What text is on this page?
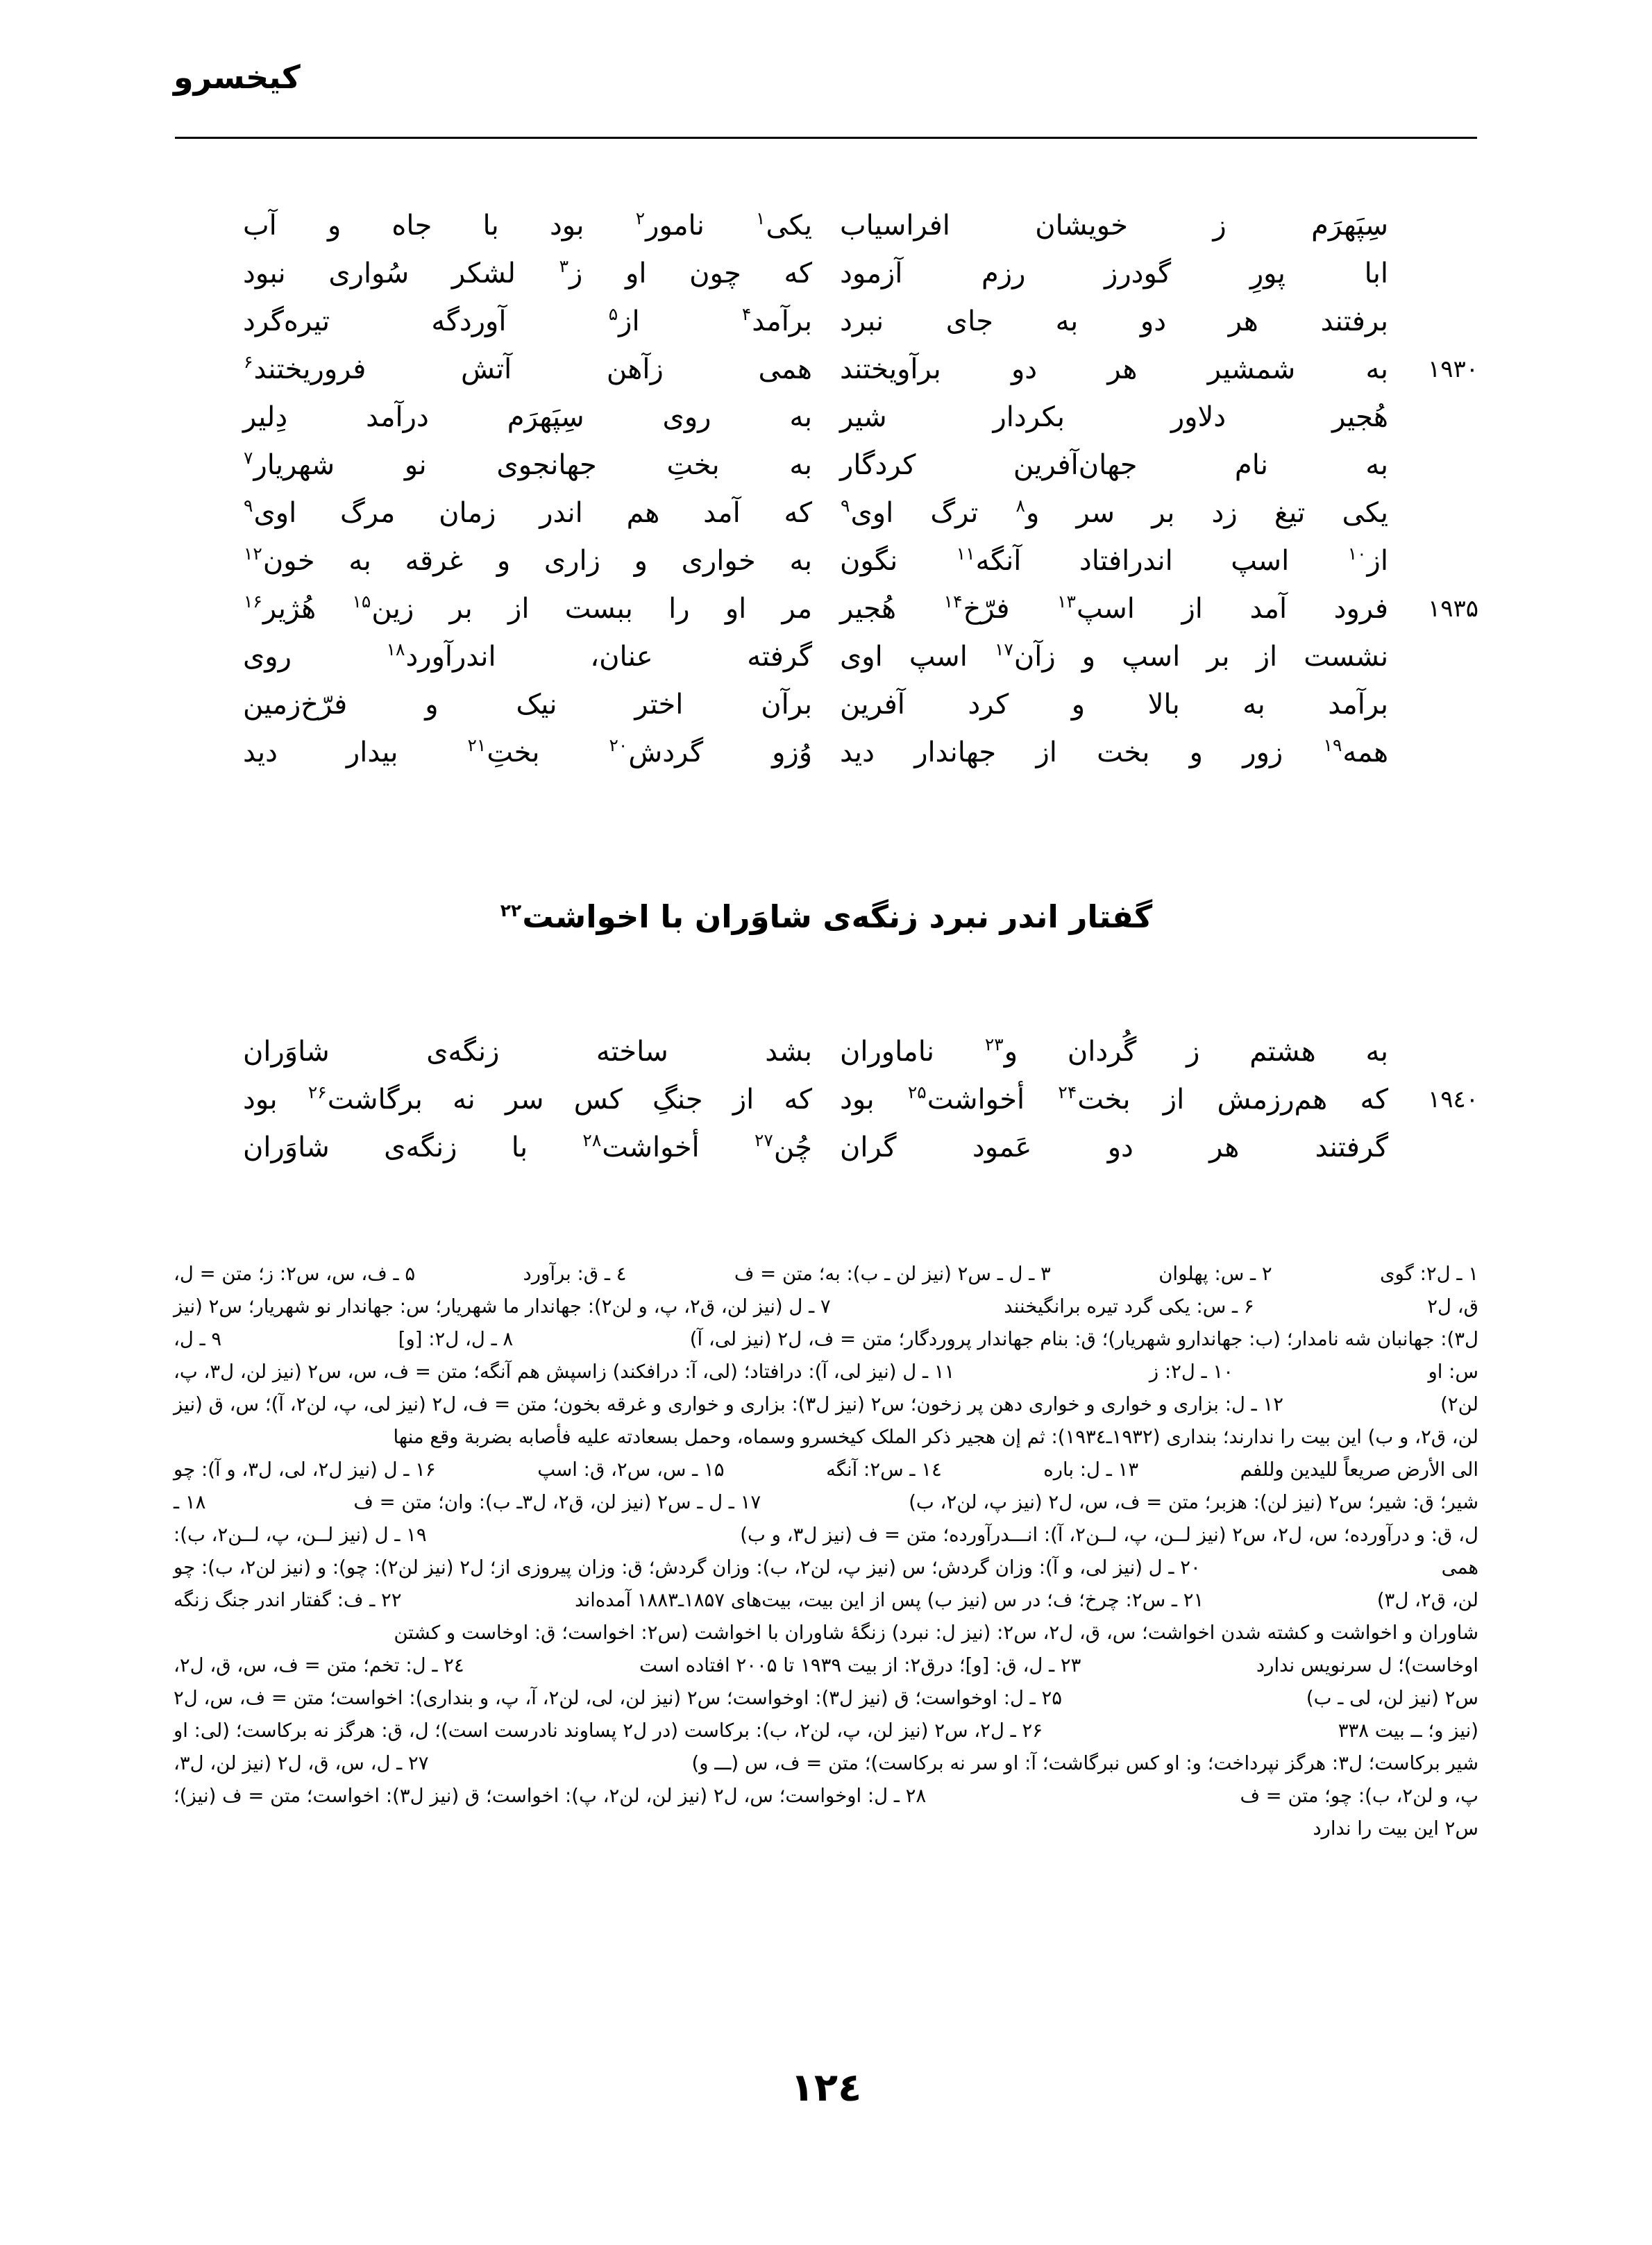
کیخسرو
سِپَهرَم ز خویشان افراسیاب
یکی$^۱$ نامور$^۲$ بود با جاه و آب
ابا پورِ گودرز رزم آزمود
که چون او ز$^۳$ لشکر سُواری نبود
برفتند هر دو به جای نبرد
برآمد$^۴$ از$^۵$ آوردگه تیره‌گرد
۱۹۳۰
به شمشیر هر دو برآویختند
همی زآهن آتش فروریختند$^۶$
هُجیر دلاور بکردار شیر
به روی سِپَهرَم درآمد دِلیر
به نام جهان‌آفرین کردگار
به بختِ جهانجوی نو شهریار$^۷$
یکی تیغ زد بر سر و$^۸$ ترگ اوی$^۹$
که آمد هم اندر زمان مرگ اوی$^۹$
از$^{۱۰}$ اسپ اندرافتاد آنگه$^{۱۱}$ نگون
به خواری و زاری و غرقه به خون$^{۱۲}$
۱۹۳۵
فرود آمد از اسپ$^{۱۳}$ فرّخ$^{۱۴}$ هُجیر
مر او را ببست از بر زین$^{۱۵}$ هُژیر$^{۱۶}$
نشست از بر اسپ و زآن$^{۱۷}$ اسپ اوی
گرفته عنان، اندرآورد$^{۱۸}$ روی
برآمد به بالا و کرد آفرین
برآن اختر نیک و فرّخ‌زمین
همه$^{۱۹}$ زور و بخت از جهاندار دید
وُزو گردش$^{۲۰}$ بختِ$^{۲۱}$ بیدار دید
گفتار اندر نبرد زنگه‌ی شاوَران با اخواشت$^{۲۲}$
به هشتم ز گُردان و$^{۲۳}$ ناماوران
بشد ساخته زنگه‌ی شاوَران
۱۹٤۰
که هم‌رزمش از بخت$^{۲۴}$ أخواشت$^{۲۵}$ بود
که از جنگِ کس سر نه برگاشت$^{۲۶}$ بود
گرفتند هر دو عَمود گران
چُن$^{۲۷}$ أخواشت$^{۲۸}$ با زنگه‌ی شاوَران
۱ ـ ل۲: گوی ۲ ـ س: پهلوان ۳ ـ ل ـ س۲ (نیز لن ـ ب): به؛ متن = ف ٤ ـ ق: برآورد ۵ ـ ف، س، س۲: ز؛ متن = ل،
ق، ل۲ ۶ ـ س: یکی گرد تیره برانگیخنند ۷ ـ ل (نیز لن، ق۲، پ، و لن۲): جهاندار ما شهریار؛ س: جهاندار نو شهریار؛ س۲ (نیز
ل۳): جهانبان شه نامدار؛ (ب: جهاندارو شهریار)؛ ق: بنام جهاندار پرورد‌گار؛ متن = ف، ل۲ (نیز لی، آ) ۸ ـ ل، ل۲: [و] ۹ ـ ل،
س: او ۱۰ ـ ل۲: ز ۱۱ ـ ل (نیز لی، آ): درافتاد؛ (لی، آ: درافکند) زاسپش هم آنگه؛ متن = ف، س، س۲ (نیز لن، ل۳، پ،
لن۲) ۱۲ ـ ل: بزاری و خواری و خوارى دهن پر زخون؛ س۲ (نیز ل۳): بزاری و خواری و غرقه بخون؛ متن = ف، ل۲ (نیز لی، پ، لن۲، آ)؛ س، ق (نیز
لن، ق۲، و ب) این بیت را ندارند؛ بنداری (۱۹۳۲ـ۱۹۳٤): ثم إن هجیر ذکر الملک کیخسرو وسماه، وحمل بسعادته علیه فأصابه بضربة وقع منها
الى الأرض صریعاً للیدین وللفم ۱۳ ـ ل: باره ۱٤ ـ س۲: آنگه ۱۵ ـ س، س۲، ق: اسپ ۱۶ ـ ل (نیز ل۲، لی، ل۳، و آ): چو
شیر؛ ق: شیر؛ س۲ (نیز لن): هزبر؛ متن = ف، س، ل۲ (نیز پ، لن۲، ب) ۱۷ ـ ل ـ س۲ (نیز لن، ق۲، ل۳ـ ب): وان؛ متن = ف ۱۸ ـ
ل، ق: و درآورده؛ س، ل۲، س۲ (نیز لــن، پ، لــن۲، آ): انـــدرآورده؛ متن = ف (نیز ل۳، و ب) ۱۹ ـ ل (نیز لــن، پ، لــن۲، ب):
همى ۲۰ ـ ل (نیز لی، و آ): وزان گردش؛ س (نیز پ، لن۲، ب): وزان گردش؛ ق: وزان پیروزی از؛ ل۲ (نیز لن۲): چو): و (نیز لن۲، ب): چو
لن، ق۲، ل۳) ۲۱ ـ س۲: چرخ؛ ف؛ در س (نیز ب) پس از این بیت، بیت‌های ۱۸۵۷ـ۱۸۸۳ آمده‌اند ۲۲ ـ ف: گفتار اندر جنگ زنگه
شاوران و اخواشت و کشته شدن اخواشت؛ س، ق، ل۲، س۲: (نیز ل: نبرد) زنگهٔ شاوران با اخواشت (س۲: اخواست؛ ق: اوخاست و کشتن
اوخاست)؛ ل سرنویس ندارد ۲۳ ـ ل، ق: [و]؛ درق۲: از بیت ۱۹۳۹ تا ۲۰۰۵ افتاده است ۲٤ ـ ل: تخم؛ متن = ف، س، ق، ل۲،
س۲ (نیز لن، لی ـ ب) ۲۵ ـ ل: اوخواست؛ ق (نیز ل۳): اوخواست؛ س۲ (نیز لن، لی، لن۲، آ، پ، و بنداری): اخواست؛ متن = ف، س، ل۲
(نیز و؛ ــ بیت ۳۳۸ ۲۶ ـ ل۲، س۲ (نیز لن، پ، لن۲، ب): برکاست (در ل۲ پساوند نادرست است)؛ ل، ق: هرگز نه برکاست؛ (لی: او
شیر برکاست؛ ل۳: هرگز نپرداخت؛ و: او کس نبرگاشت؛ آ: او سر نه برکاست)؛ متن = ف، س (ـــ و) ۲۷ ـ ل، س، ق، ل۲ (نیز لن، ل۳،
پ، و لن۲، ب): چو؛ متن = ف ۲۸ ـ ل: اوخواست؛ س، ل۲ (نیز لن، لن۲، پ): اخواست؛ ق (نیز ل۳): اخواست؛ متن = ف (نیز)؛
س۲ این بیت را ندارد
۱۲٤
